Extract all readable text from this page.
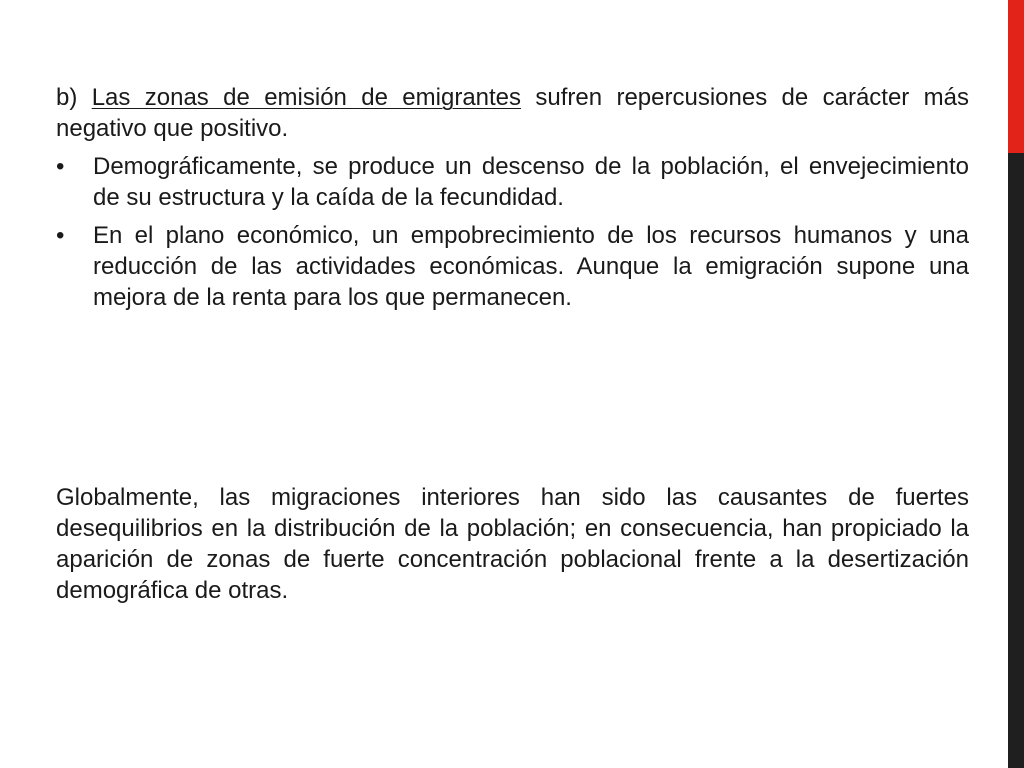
b) Las zonas de emisión de emigrantes sufren repercusiones de carácter más negativo que positivo.

• Demográficamente, se produce un descenso de la población, el envejecimiento de su estructura y la caída de la fecundidad.
• En el plano económico, un empobrecimiento de los recursos humanos y una reducción de las actividades económicas. Aunque la emigración supone una mejora de la renta para los que permanecen.

Globalmente, las migraciones interiores han sido las causantes de fuertes desequilibrios en la distribución de la población; en consecuencia, han propiciado la aparición de zonas de fuerte concentración poblacional frente a la desertización demográfica de otras.
